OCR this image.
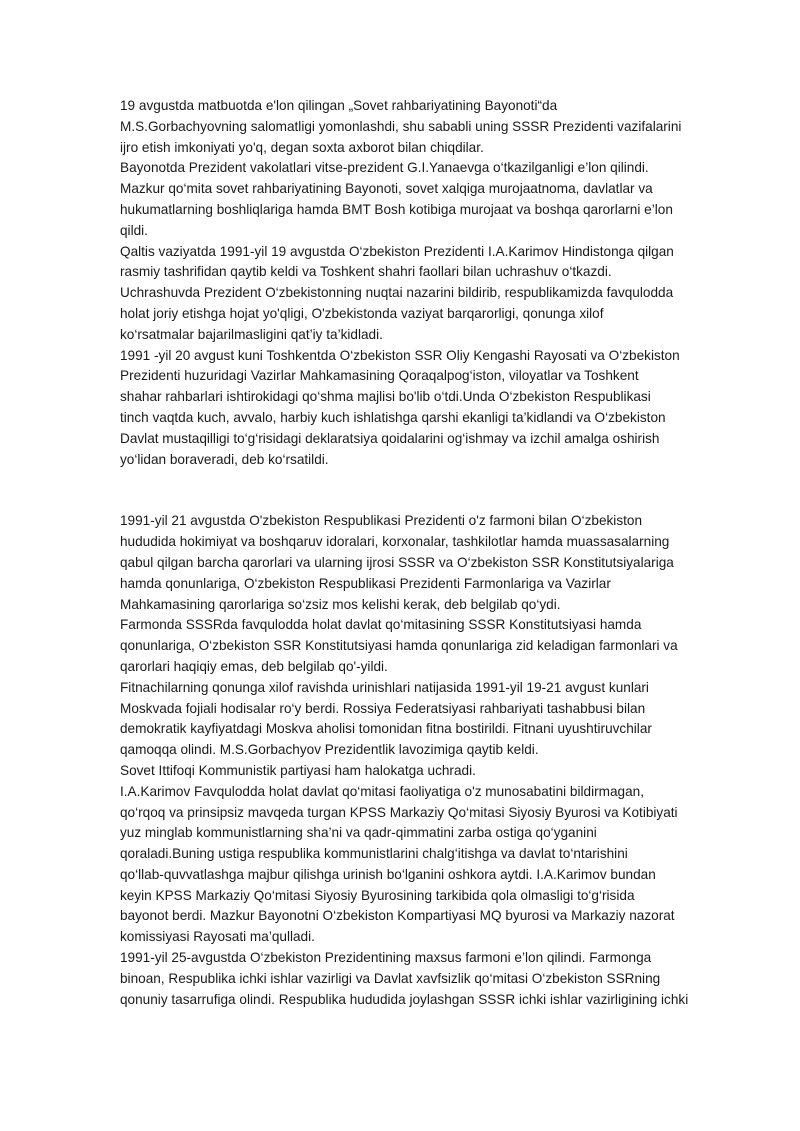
19 avgustda matbuotda e'lon qilingan „Sovet rahbariyatining Bayonoti“da

M.S.Gorbachyovning salomatligi yomonlashdi, shu sababli uning SSSR Prezidenti vazifalarini

ijro etish imkoniyati yo'q, degan soxta axborot bilan chiqdilar.

Bayonotda Prezident vakolatlari vitse-prezident G.I.Yanaevga o‘tkazilganligi e’lon qilindi.

Mazkur qo‘mita sovet rahbariyatining Bayonoti, sovet xalqiga murojaatnoma, davlatlar va

hukumatlarning boshliqlariga hamda BMT Bosh kotibiga murojaat va boshqa qarorlarni e’lon

qildi.

Qaltis vaziyatda 1991-yil 19 avgustda O‘zbekiston Prezidenti I.A.Karimov Hindistonga qilgan

rasmiy tashrifidan qaytib keldi va Toshkent shahri faollari bilan uchrashuv o‘tkazdi.

Uchrashuvda Prezident O‘zbekistonning nuqtai nazarini bildirib, respublikamizda favqulodda

holat joriy etishga hojat yo'qligi, O'zbekistonda vaziyat barqarorligi, qonunga xilof

ko‘rsatmalar bajarilmasligini qat’iy ta’kidladi.

1991 -yil 20 avgust kuni Toshkentda O‘zbekiston SSR Oliy Kengashi Rayosati va O‘zbekiston

Prezidenti huzuridagi Vazirlar Mahkamasining Qoraqalpog‘iston, viloyatlar va Toshkent

shahar rahbarlari ishtirokidagi qo‘shma majlisi bo'lib o‘tdi.Unda O‘zbekiston Respublikasi

tinch vaqtda kuch, avvalo, harbiy kuch ishlatishga qarshi ekanligi ta’kidlandi va O‘zbekiston

Davlat mustaqilligi to‘g‘risidagi deklaratsiya qoidalarini og‘ishmay va izchil amalga oshirish

yo‘lidan boraveradi, deb ko‘rsatildi.

1991-yil 21 avgustda O'zbekiston Respublikasi Prezidenti o'z farmoni bilan O‘zbekiston

hududida hokimiyat va boshqaruv idoralari, korxonalar, tashkilotlar hamda muassasalarning

qabul qilgan barcha qarorlari va ularning ijrosi SSSR va O‘zbekiston SSR Konstitutsiyalariga

hamda qonunlariga, O‘zbekiston Respublikasi Prezidenti Farmonlariga va Vazirlar

Mahkamasining qarorlariga so‘zsiz mos kelishi kerak, deb belgilab qo‘ydi.

Farmonda SSSRda favqulodda holat davlat qo‘mitasining SSSR Konstitutsiyasi hamda

qonunlariga, O‘zbekiston SSR Konstitutsiyasi hamda qonunlariga zid keladigan farmonlari va

qarorlari haqiqiy emas, deb belgilab qo'-yildi.

Fitnachilarning qonunga xilof ravishda urinishlari natijasida 1991-yil 19-21 avgust kunlari

Moskvada fojiali hodisalar ro‘y berdi. Rossiya Federatsiyasi rahbariyati tashabbusi bilan

demokratik kayfiyatdagi Moskva aholisi tomonidan fitna bostirildi. Fitnani uyushtiruvchilar

qamoqqa olindi. M.S.Gorbachyov Prezidentlik lavozimiga qaytib keldi.

Sovet Ittifoqi Kommunistik partiyasi ham halokatga uchradi.

I.A.Karimov Favqulodda holat davlat qo‘mitasi faoliyatiga o'z munosabatini bildirmagan,

qo‘rqoq va prinsipsiz mavqeda turgan KPSS Markaziy Qo‘mitasi Siyosiy Byurosi va Kotibiyati

yuz minglab kommunistlarning sha’ni va qadr-qimmatini zarba ostiga qo‘yganini

qoraladi.Buning ustiga respublika kommunistlarini chalg‘itishga va davlat to‘ntarishini

qo‘llab-quvvatlashga majbur qilishga urinish bo‘lganini oshkora aytdi. I.A.Karimov bundan

keyin KPSS Markaziy Qo‘mitasi Siyosiy Byurosining tarkibida qola olmasligi to‘g‘risida

bayonot berdi. Mazkur Bayonotni O‘zbekiston Kompartiyasi MQ byurosi va Markaziy nazorat

komissiyasi Rayosati ma’qulladi.

1991-yil 25-avgustda O‘zbekiston Prezidentining maxsus farmoni e’lon qilindi. Farmonga

binoan, Respublika ichki ishlar vazirligi va Davlat xavfsizlik qo‘mitasi O‘zbekiston SSRning

qonuniy tasarrufiga olindi. Respublika hududida joylashgan SSSR ichki ishlar vazirligining ichki
